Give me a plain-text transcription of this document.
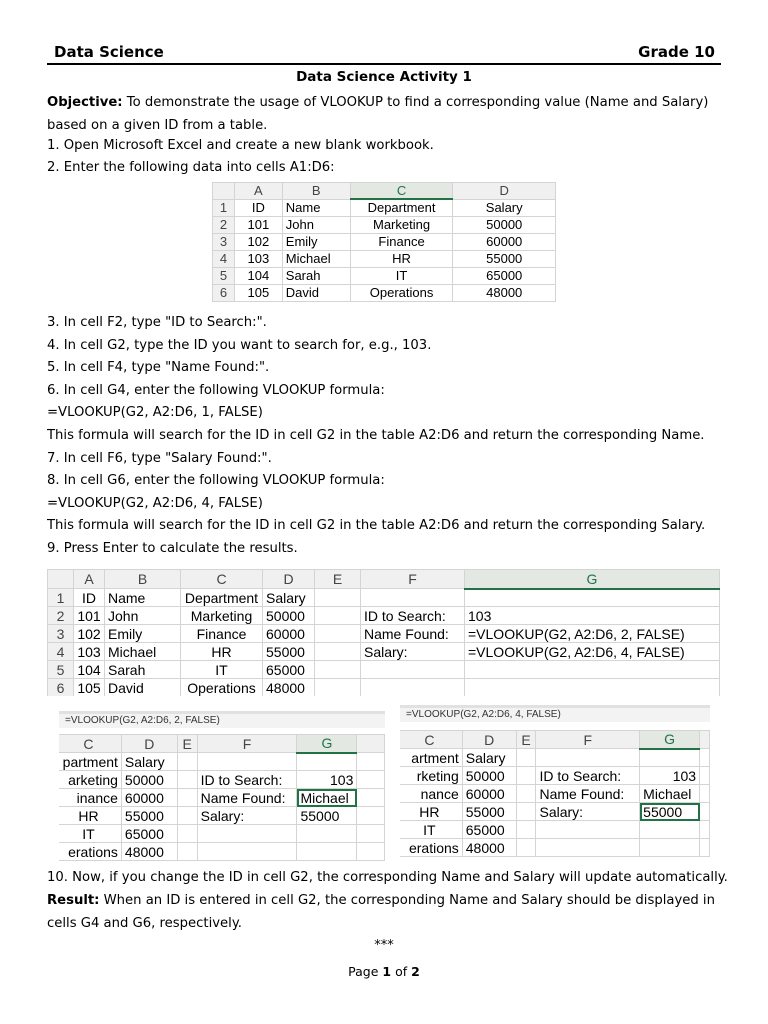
Data Science	Grade 10
Data Science Activity 1
Objective: To demonstrate the usage of VLOOKUP to find a corresponding value (Name and Salary) based on a given ID from a table.
1. Open Microsoft Excel and create a new blank workbook.
2. Enter the following data into cells A1:D6:
	A	B	C	D
1	ID	Name	Department	Salary
2	101	John	Marketing	50000
3	102	Emily	Finance	60000
4	103	Michael	HR	55000
5	104	Sarah	IT	65000
6	105	David	Operations	48000
3. In cell F2, type "ID to Search:".
4. In cell G2, type the ID you want to search for, e.g., 103.
5. In cell F4, type "Name Found:".
6. In cell G4, enter the following VLOOKUP formula:
=VLOOKUP(G2, A2:D6, 1, FALSE)
This formula will search for the ID in cell G2 in the table A2:D6 and return the corresponding Name.
7. In cell F6, type "Salary Found:".
8. In cell G6, enter the following VLOOKUP formula:
=VLOOKUP(G2, A2:D6, 4, FALSE)
This formula will search for the ID in cell G2 in the table A2:D6 and return the corresponding Salary.
9. Press Enter to calculate the results.
	A	B	C	D	E	F	G
1	ID	Name	Department	Salary			
2	101	John	Marketing	50000		ID to Search:	103
3	102	Emily	Finance	60000		Name Found:	=VLOOKUP(G2, A2:D6, 2, FALSE)
4	103	Michael	HR	55000		Salary:	=VLOOKUP(G2, A2:D6, 4, FALSE)
5	104	Sarah	IT	65000			
6	105	David	Operations	48000			
=VLOOKUP(G2, A2:D6, 2, FALSE)
C	D	E	F	G	
partment	Salary				
arketing	50000		ID to Search:	103	
inance	60000		Name Found:	Michael	
HR	55000		Salary:	55000	
IT	65000				
erations	48000				
=VLOOKUP(G2, A2:D6, 4, FALSE)
C	D	E	F	G	
artment	Salary				
rketing	50000		ID to Search:	103	
nance	60000		Name Found:	Michael	
HR	55000		Salary:	55000	
IT	65000				
erations	48000				
10. Now, if you change the ID in cell G2, the corresponding Name and Salary will update automatically.
Result: When an ID is entered in cell G2, the corresponding Name and Salary should be displayed in cells G4 and G6, respectively.
***
Page 1 of 2
